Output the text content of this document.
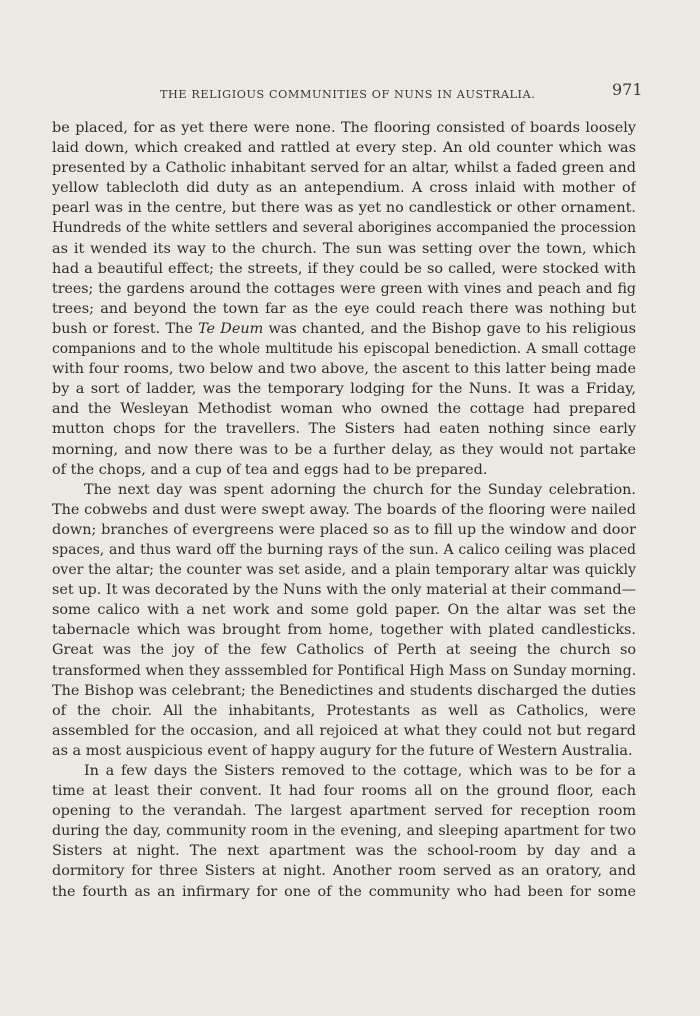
THE RELIGIOUS COMMUNITIES OF NUNS IN AUSTRALIA.	971
be placed, for as yet there were none. The flooring consisted of boards loosely
laid down, which creaked and rattled at every step. An old counter which was
presented by a Catholic inhabitant served for an altar, whilst a faded green and
yellow tablecloth did duty as an antependium. A cross inlaid with mother of
pearl was in the centre, but there was as yet no candlestick or other ornament.
Hundreds of the white settlers and several aborigines accompanied the procession
as it wended its way to the church. The sun was setting over the town, which
had a beautiful effect; the streets, if they could be so called, were stocked with
trees; the gardens around the cottages were green with vines and peach and fig
trees; and beyond the town far as the eye could reach there was nothing but
bush or forest. The Te Deum was chanted, and the Bishop gave to his religious
companions and to the whole multitude his episcopal benediction. A small cottage
with four rooms, two below and two above, the ascent to this latter being made
by a sort of ladder, was the temporary lodging for the Nuns. It was a Friday,
and the Wesleyan Methodist woman who owned the cottage had prepared
mutton chops for the travellers. The Sisters had eaten nothing since early
morning, and now there was to be a further delay, as they would not partake
of the chops, and a cup of tea and eggs had to be prepared.
The next day was spent adorning the church for the Sunday celebration.
The cobwebs and dust were swept away. The boards of the flooring were nailed
down; branches of evergreens were placed so as to fill up the window and door
spaces, and thus ward off the burning rays of the sun. A calico ceiling was placed
over the altar; the counter was set aside, and a plain temporary altar was quickly
set up. It was decorated by the Nuns with the only material at their command—
some calico with a net work and some gold paper. On the altar was set the
tabernacle which was brought from home, together with plated candlesticks.
Great was the joy of the few Catholics of Perth at seeing the church so
transformed when they asssembled for Pontifical High Mass on Sunday morning.
The Bishop was celebrant; the Benedictines and students discharged the duties
of the choir. All the inhabitants, Protestants as well as Catholics, were
assembled for the occasion, and all rejoiced at what they could not but regard
as a most auspicious event of happy augury for the future of Western Australia.
In a few days the Sisters removed to the cottage, which was to be for a
time at least their convent. It had four rooms all on the ground floor, each
opening to the verandah. The largest apartment served for reception room
during the day, community room in the evening, and sleeping apartment for two
Sisters at night. The next apartment was the school-room by day and a
dormitory for three Sisters at night. Another room served as an oratory, and
the fourth as an infirmary for one of the community who had been for some
